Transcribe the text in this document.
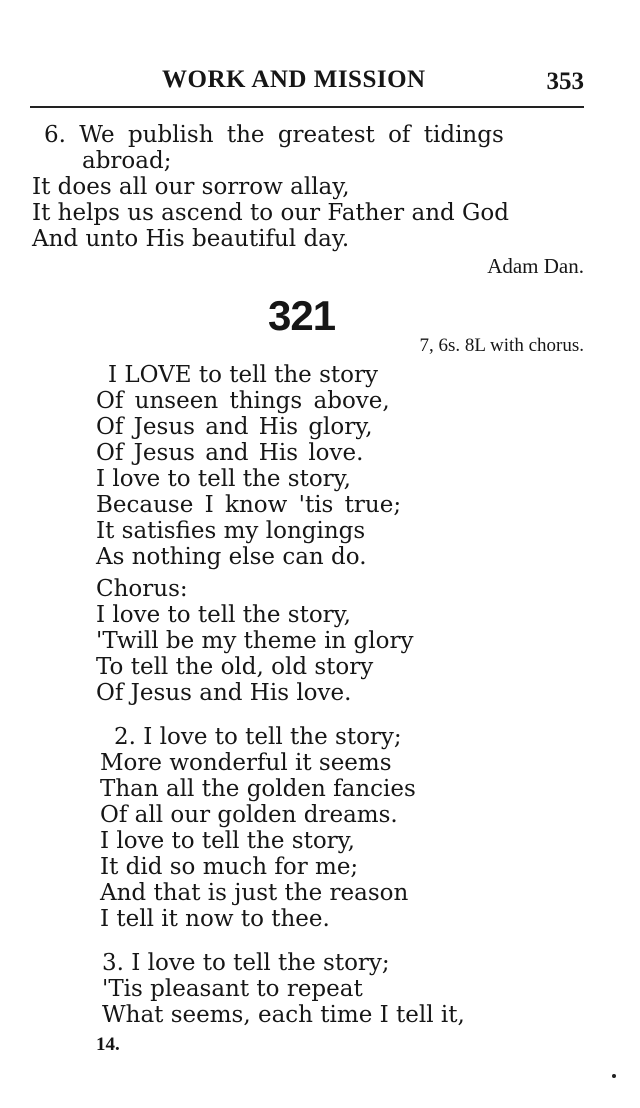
WORK AND MISSION	353
6. We publish the greatest of tidings
abroad;
It does all our sorrow allay,
It helps us ascend to our Father and God
And unto His beautiful day.
Adam Dan.
321
7, 6s. 8L with chorus.
I LOVE to tell the story
Of unseen things above,
Of Jesus and His glory,
Of Jesus and His love.
I love to tell the story,
Because I know 'tis true;
It satisfies my longings
As nothing else can do.
Chorus:
I love to tell the story,
'Twill be my theme in glory
To tell the old, old story
Of Jesus and His love.
2. I love to tell the story;
More wonderful it seems
Than all the golden fancies
Of all our golden dreams.
I love to tell the story,
It did so much for me;
And that is just the reason
I tell it now to thee.
3. I love to tell the story;
'Tis pleasant to repeat
What seems, each time I tell it,
14.
